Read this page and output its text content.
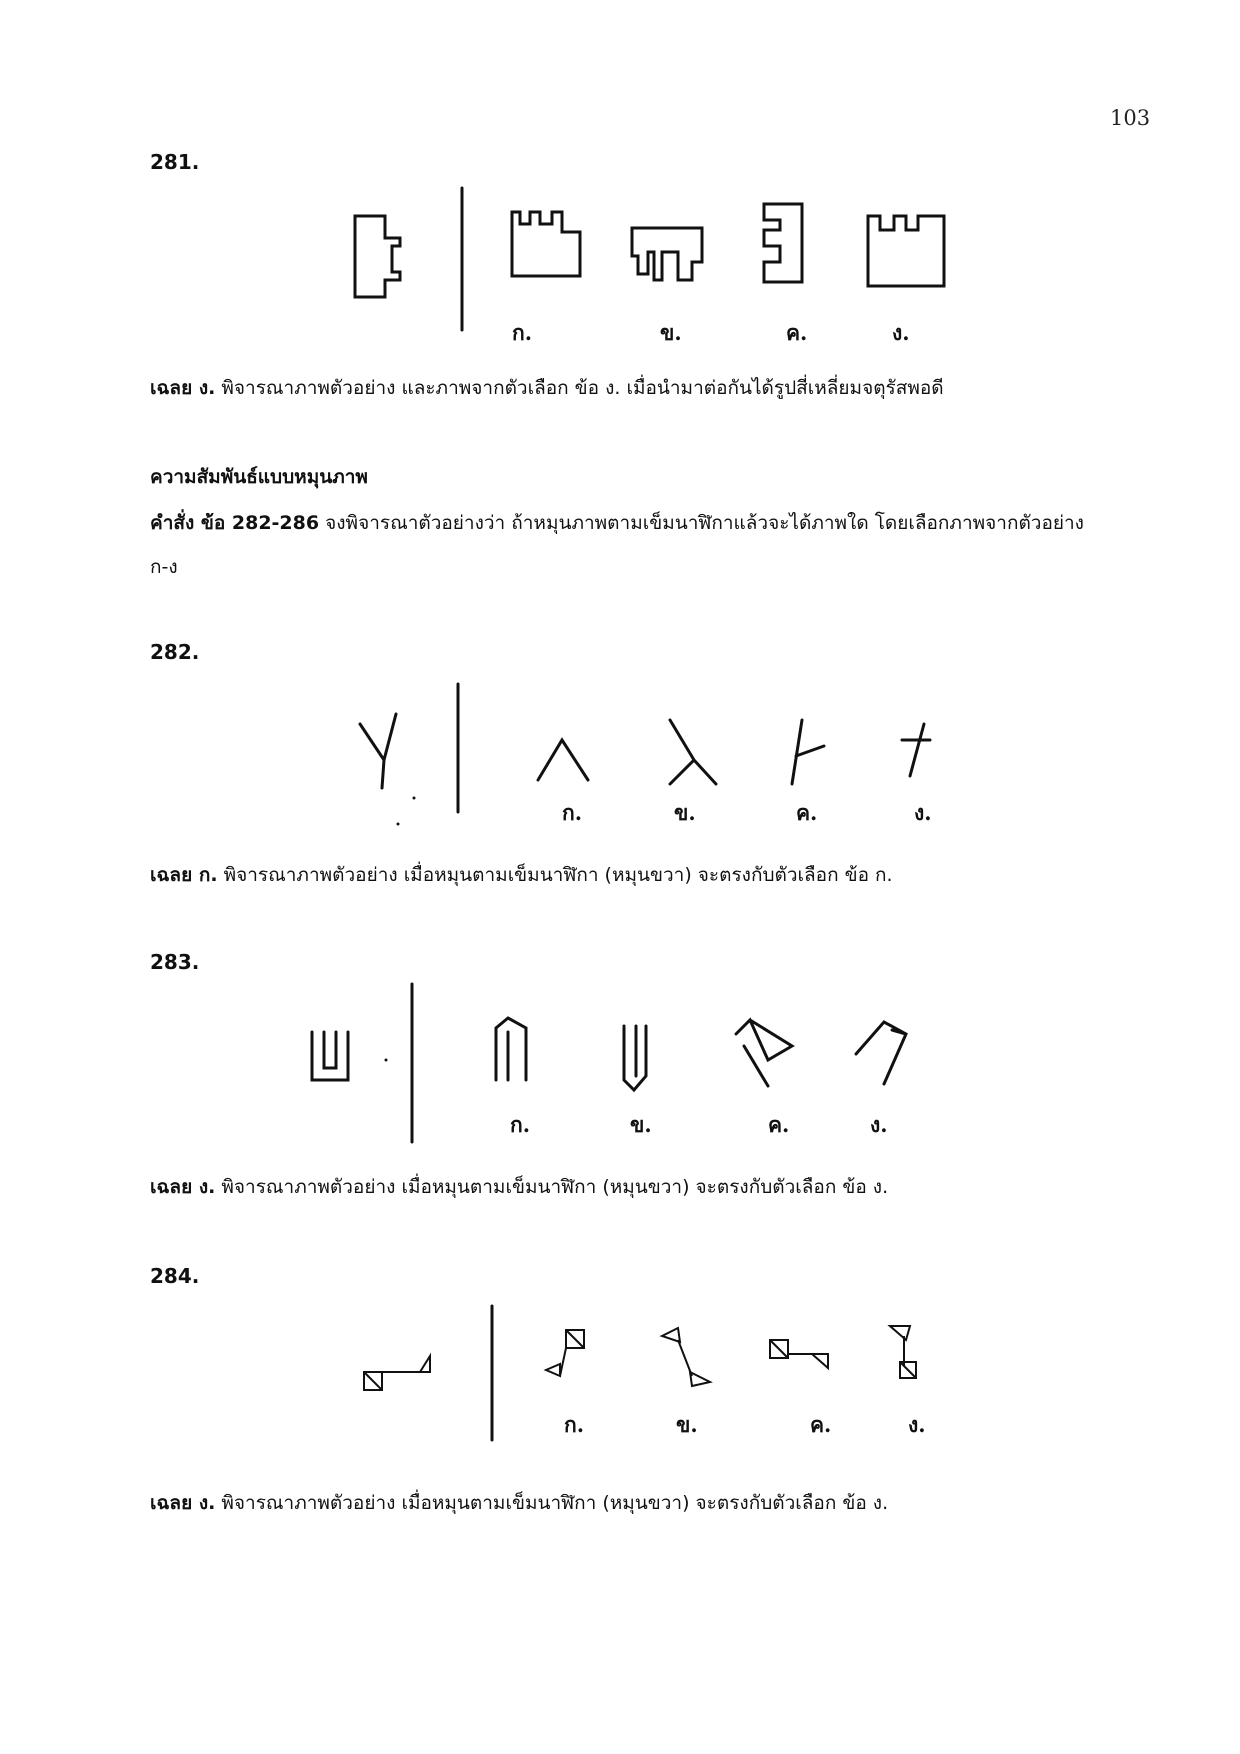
103
281.
ก.	ข.	ค.	ง.
เฉลย ง. พิจารณาภาพตัวอย่าง และภาพจากตัวเลือก ข้อ ง. เมื่อนำมาต่อกันได้รูปสี่เหลี่ยมจตุรัสพอดี
ความสัมพันธ์แบบหมุนภาพ
คำสั่ง ข้อ 282-286 จงพิจารณาตัวอย่างว่า ถ้าหมุนภาพตามเข็มนาฬิกาแล้วจะได้ภาพใด โดยเลือกภาพจากตัวอย่าง
ก-ง
282.
ก.	ข.	ค.	ง.
เฉลย ก. พิจารณาภาพตัวอย่าง เมื่อหมุนตามเข็มนาฬิกา (หมุนขวา) จะตรงกับตัวเลือก ข้อ ก.
283.
ก.	ข.	ค.	ง.
เฉลย ง. พิจารณาภาพตัวอย่าง เมื่อหมุนตามเข็มนาฬิกา (หมุนขวา) จะตรงกับตัวเลือก ข้อ ง.
284.
ก.	ข.	ค.	ง.
เฉลย ง. พิจารณาภาพตัวอย่าง เมื่อหมุนตามเข็มนาฬิกา (หมุนขวา) จะตรงกับตัวเลือก ข้อ ง.
